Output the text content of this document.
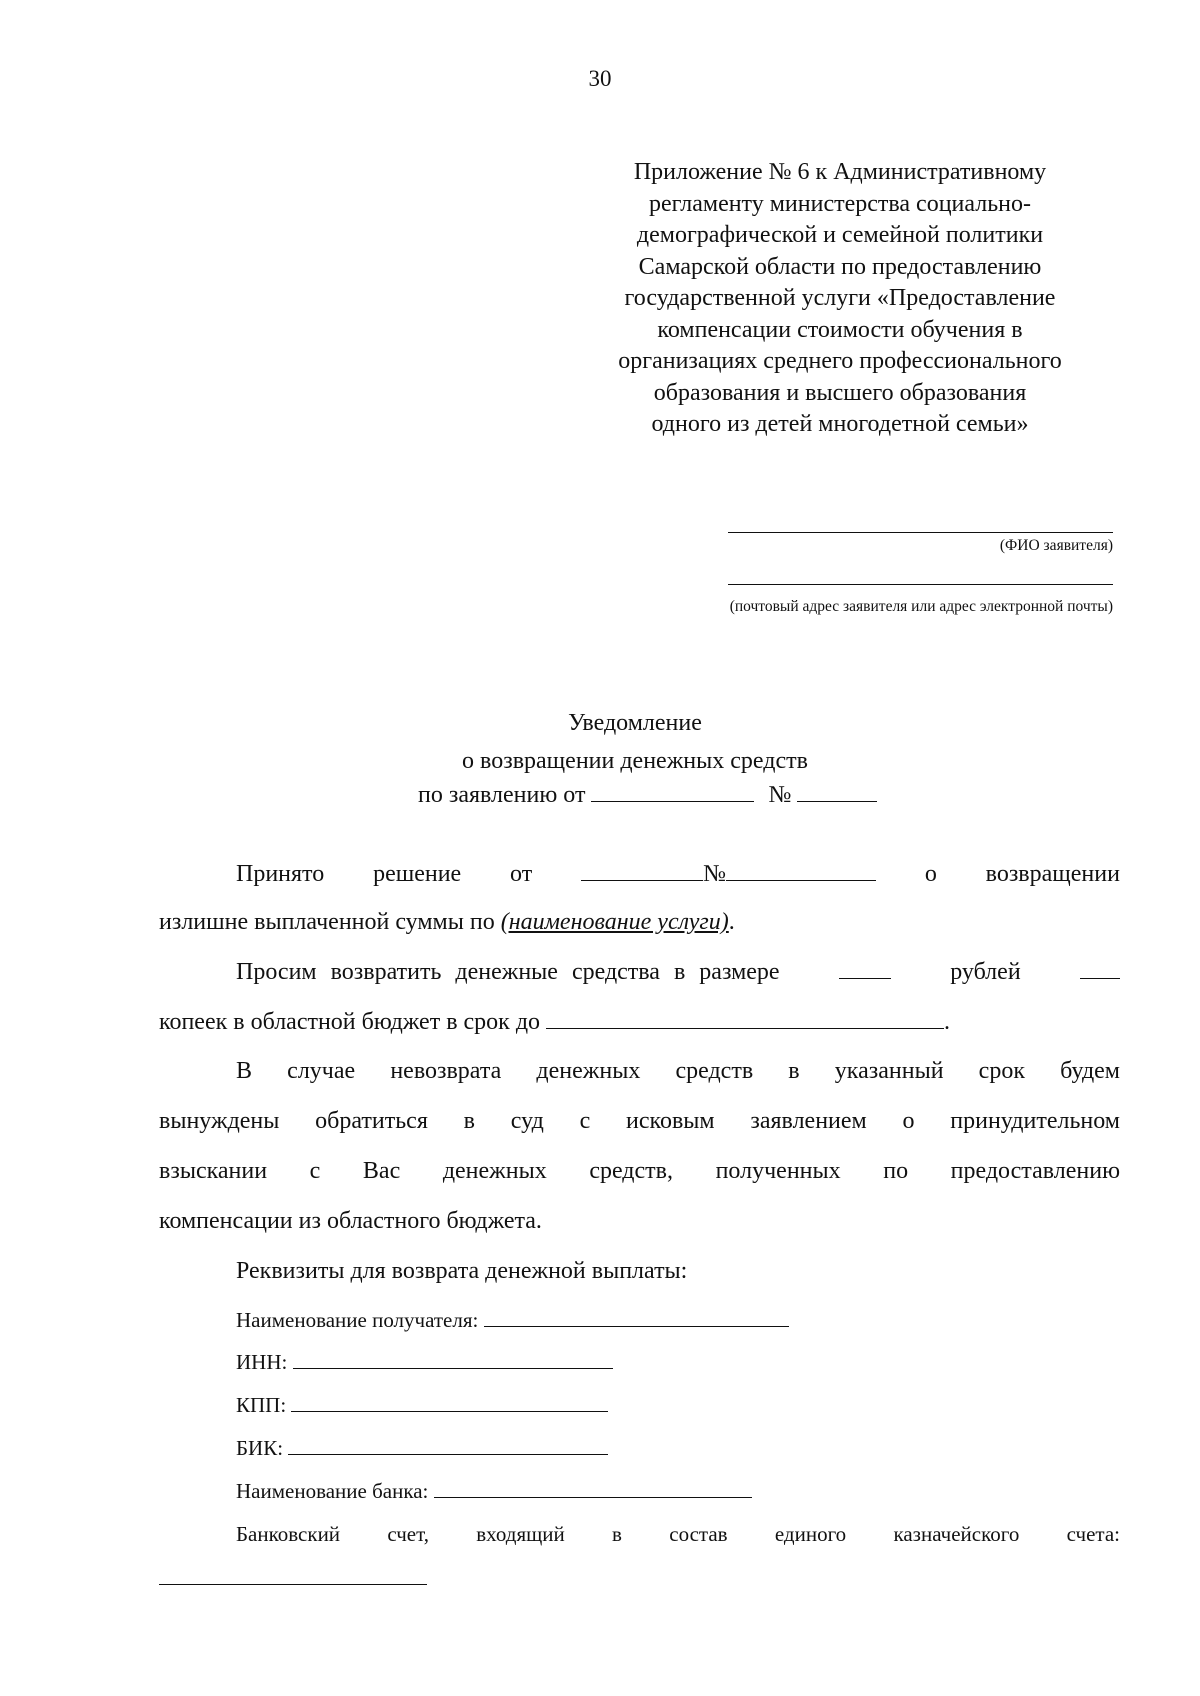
30
Приложение № 6 к Административному
регламенту министерства социально-
демографической и семейной политики
Самарской области по предоставлению
государственной услуги «Предоставление
компенсации стоимости обучения в
организациях среднего профессионального
образования и высшего образования
одного из детей многодетной семьи»
(ФИО заявителя)
(почтовый адрес заявителя или адрес электронной почты)
Уведомление
о возвращении денежных средств
по заявлению от	№
Принято решение от	№	о возвращении
излишне выплаченной суммы по (наименование услуги).
Просим возвратить денежные средства в размере	рублей
копеек в областной бюджет в срок до	.
В случае невозврата денежных средств в указанный срок будем
вынуждены обратиться в суд с исковым заявлением о принудительном
взыскании с Вас денежных средств, полученных по предоставлению
компенсации из областного бюджета.
Реквизиты для возврата денежной выплаты:
Наименование получателя:
ИНН:
КПП:
БИК:
Наименование банка:
Банковский счет, входящий в состав единого казначейского счета:
